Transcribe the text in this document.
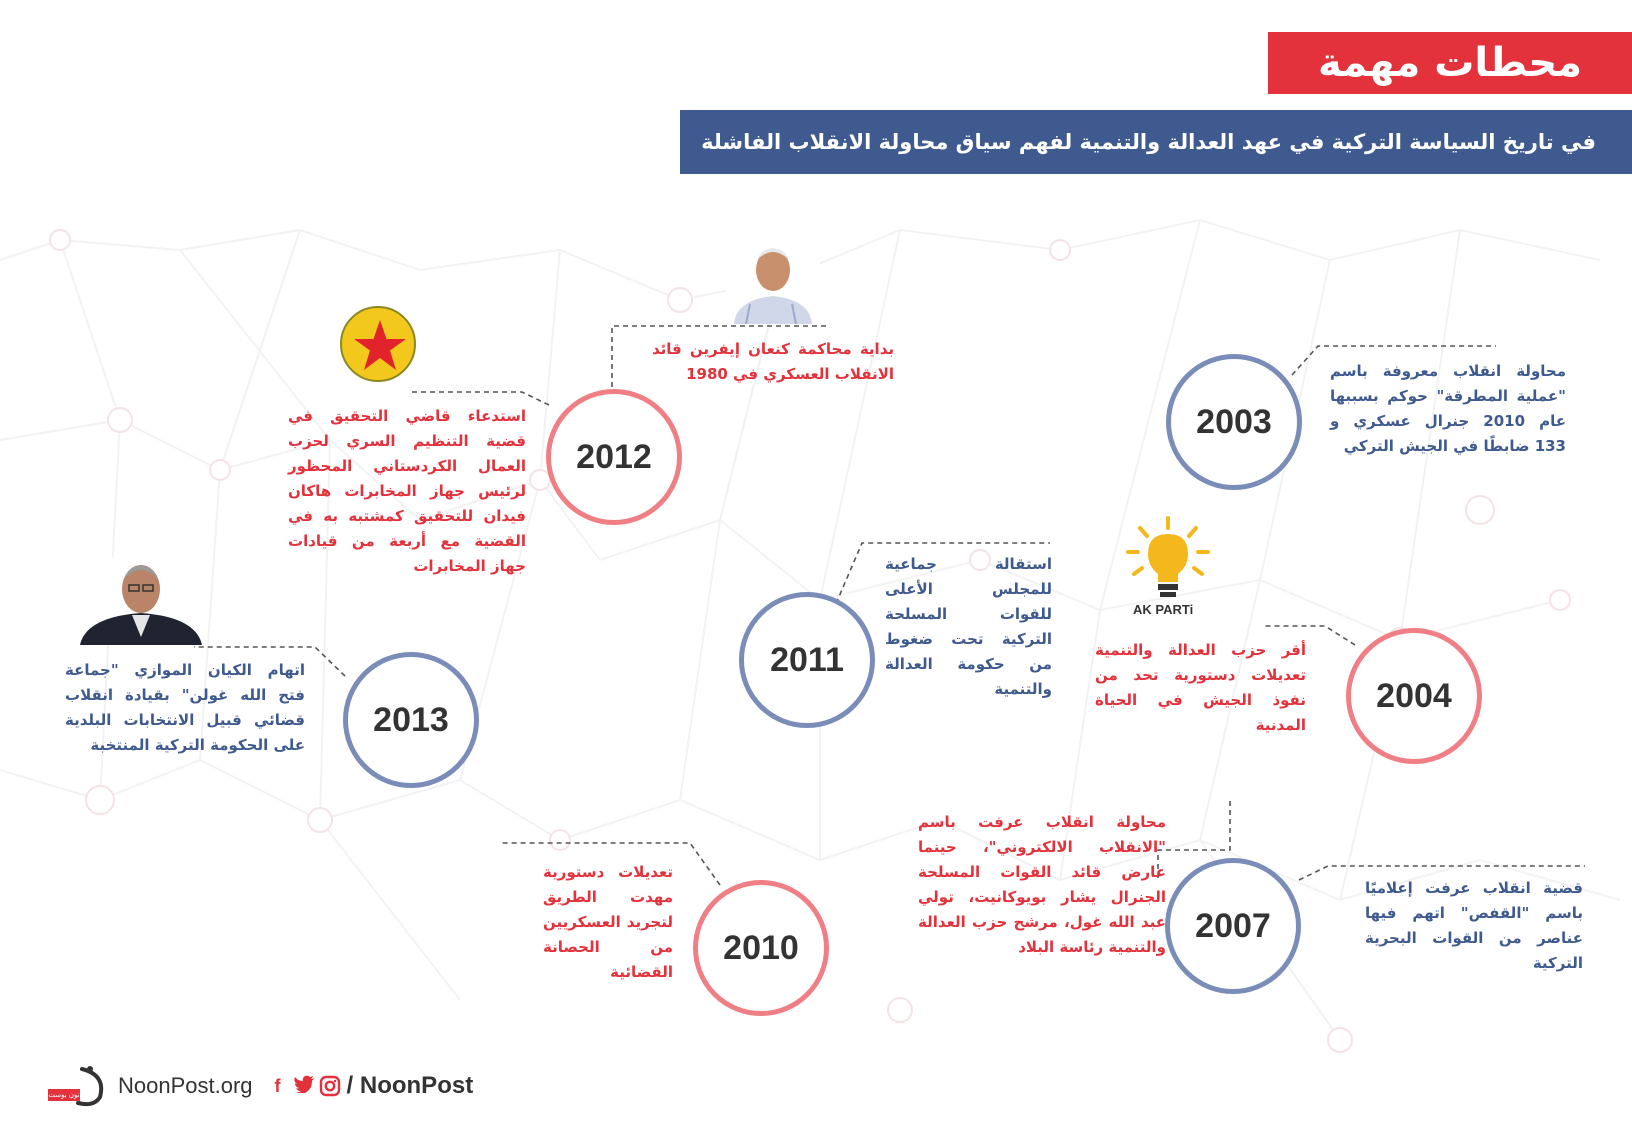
محطات مهمة
في تاريخ السياسة التركية في عهد العدالة والتنمية لفهم سياق محاولة الانقلاب الفاشلة
AK PARTi
2003
2004
2007
2010
2011
2012
2013
محاولة انقلاب معروفة باسم "عملية المطرقة" حوكم بسببها عام 2010 جنرال عسكري و 133 ضابطًا في الجيش التركي
أقر حزب العدالة والتنمية تعديلات دستورية تحد من نفوذ الجيش في الحياة المدنية
محاولة انقلاب عرفت باسم "الانقلاب الالكتروني"، حينما عارض قائد القوات المسلحة الجنرال يشار بويوكانيت، تولي عبد الله غول، مرشح حزب العدالة والتنمية رئاسة البلاد
قضية انقلاب عرفت إعلاميًا باسم "القفص" اتهم فيها عناصر من القوات البحرية التركية
تعديلات دستورية مهدت الطريق لتجريد العسكريين من الحصانة القضائية
استقالة جماعية للمجلس الأعلى للقوات المسلحة التركية تحت ضغوط من حكومة العدالة والتنمية
استدعاء قاضي التحقيق في قضية التنظيم السري لحزب العمال الكردستاني المحظور لرئيس جهاز المخابرات هاكان فيدان للتحقيق كمشتبه به في القضية مع أربعة من قيادات جهاز المخابرات
بداية محاكمة كنعان إيفرين قائد الانقلاب العسكري في 1980
اتهام الكيان الموازي "جماعة فتح الله غولن" بقيادة انقلاب قضائي قبيل الانتخابات البلدية على الحكومة التركية المنتخبة
نون بوست NoonPost.org	f	/ NoonPost
